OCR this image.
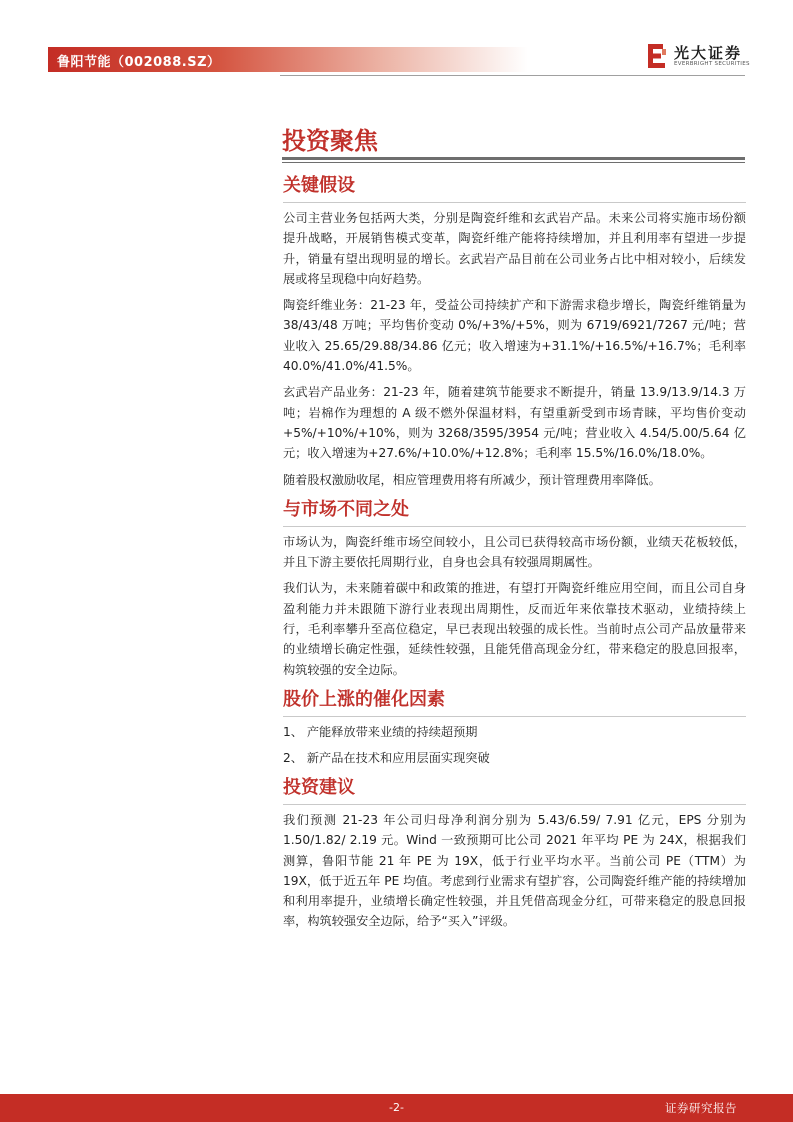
鲁阳节能（002088.SZ）
光大证券
EVERBRIGHT SECURITIES
投资聚焦
关键假设

公司主营业务包括两大类，分别是陶瓷纤维和玄武岩产品。未来公司将实施市场份额提升战略，开展销售模式变革，陶瓷纤维产能将持续增加，并且利用率有望进一步提升，销量有望出现明显的增长。玄武岩产品目前在公司业务占比中相对较小，后续发展或将呈现稳中向好趋势。

陶瓷纤维业务：21-23 年，受益公司持续扩产和下游需求稳步增长，陶瓷纤维销量为 38/43/48 万吨；平均售价变动 0%/+3%/+5%，则为 6719/6921/7267 元/吨；营业收入 25.65/29.88/34.86 亿元；收入增速为+31.1%/+16.5%/+16.7%；毛利率 40.0%/41.0%/41.5%。

玄武岩产品业务：21-23 年，随着建筑节能要求不断提升，销量 13.9/13.9/14.3 万吨；岩棉作为理想的 A 级不燃外保温材料，有望重新受到市场青睐，平均售价变动+5%/+10%/+10%，则为 3268/3595/3954 元/吨；营业收入 4.54/5.00/5.64 亿元；收入增速为+27.6%/+10.0%/+12.8%；毛利率 15.5%/16.0%/18.0%。

随着股权激励收尾，相应管理费用将有所减少，预计管理费用率降低。

与市场不同之处

市场认为，陶瓷纤维市场空间较小，且公司已获得较高市场份额，业绩天花板较低，并且下游主要依托周期行业，自身也会具有较强周期属性。

我们认为，未来随着碳中和政策的推进，有望打开陶瓷纤维应用空间，而且公司自身盈利能力并未跟随下游行业表现出周期性，反而近年来依靠技术驱动，业绩持续上行，毛利率攀升至高位稳定，早已表现出较强的成长性。当前时点公司产品放量带来的业绩增长确定性强，延续性较强，且能凭借高现金分红，带来稳定的股息回报率，构筑较强的安全边际。

股价上涨的催化因素

1、 产能释放带来业绩的持续超预期

2、 新产品在技术和应用层面实现突破

投资建议

我们预测 21-23 年公司归母净利润分别为 5.43/6.59/ 7.91 亿元，EPS 分别为 1.50/1.82/ 2.19 元。Wind 一致预期可比公司 2021 年平均 PE 为 24X，根据我们测算，鲁阳节能 21 年 PE 为 19X，低于行业平均水平。当前公司 PE（TTM）为 19X，低于近五年 PE 均值。考虑到行业需求有望扩容，公司陶瓷纤维产能的持续增加和利用率提升，业绩增长确定性较强，并且凭借高现金分红，可带来稳定的股息回报率，构筑较强安全边际，给予“买入”评级。

-2-	证券研究报告
